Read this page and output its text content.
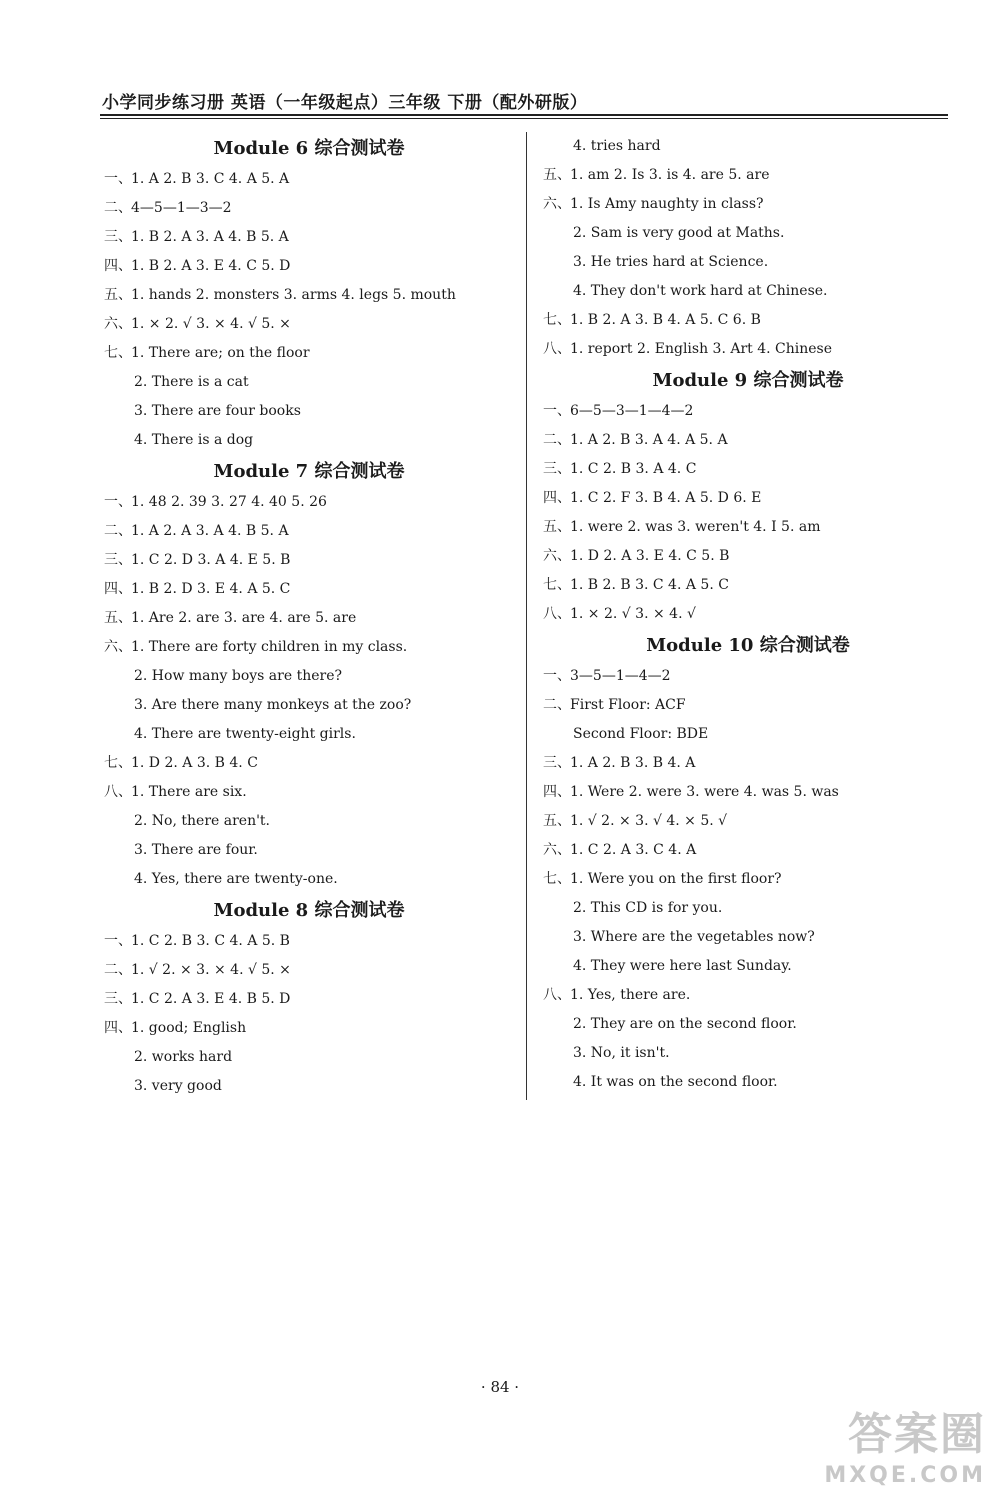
小学同步练习册 英语（一年级起点）三年级 下册（配外研版）
Module 6 综合测试卷
一、1. A 2. B 3. C 4. A 5. A
二、4—5—1—3—2
三、1. B 2. A 3. A 4. B 5. A
四、1. B 2. A 3. E 4. C 5. D
五、1. hands 2. monsters 3. arms 4. legs 5. mouth
六、1. × 2. √ 3. × 4. √ 5. ×
七、1. There are; on the floor
2. There is a cat
3. There are four books
4. There is a dog
Module 7 综合测试卷
一、1. 48 2. 39 3. 27 4. 40 5. 26
二、1. A 2. A 3. A 4. B 5. A
三、1. C 2. D 3. A 4. E 5. B
四、1. B 2. D 3. E 4. A 5. C
五、1. Are 2. are 3. are 4. are 5. are
六、1. There are forty children in my class.
2. How many boys are there?
3. Are there many monkeys at the zoo?
4. There are twenty-eight girls.
七、1. D 2. A 3. B 4. C
八、1. There are six.
2. No, there aren't.
3. There are four.
4. Yes, there are twenty-one.
Module 8 综合测试卷
一、1. C 2. B 3. C 4. A 5. B
二、1. √ 2. × 3. × 4. √ 5. ×
三、1. C 2. A 3. E 4. B 5. D
四、1. good; English
2. works hard
3. very good
4. tries hard
五、1. am 2. Is 3. is 4. are 5. are
六、1. Is Amy naughty in class?
2. Sam is very good at Maths.
3. He tries hard at Science.
4. They don't work hard at Chinese.
七、1. B 2. A 3. B 4. A 5. C 6. B
八、1. report 2. English 3. Art 4. Chinese
Module 9 综合测试卷
一、6—5—3—1—4—2
二、1. A 2. B 3. A 4. A 5. A
三、1. C 2. B 3. A 4. C
四、1. C 2. F 3. B 4. A 5. D 6. E
五、1. were 2. was 3. weren't 4. I 5. am
六、1. D 2. A 3. E 4. C 5. B
七、1. B 2. B 3. C 4. A 5. C
八、1. × 2. √ 3. × 4. √
Module 10 综合测试卷
一、3—5—1—4—2
二、First Floor: ACF
Second Floor: BDE
三、1. A 2. B 3. B 4. A
四、1. Were 2. were 3. were 4. was 5. was
五、1. √ 2. × 3. √ 4. × 5. √
六、1. C 2. A 3. C 4. A
七、1. Were you on the first floor?
2. This CD is for you.
3. Where are the vegetables now?
4. They were here last Sunday.
八、1. Yes, there are.
2. They are on the second floor.
3. No, it isn't.
4. It was on the second floor.
· 84 ·
答案圈
MXQE.COM
